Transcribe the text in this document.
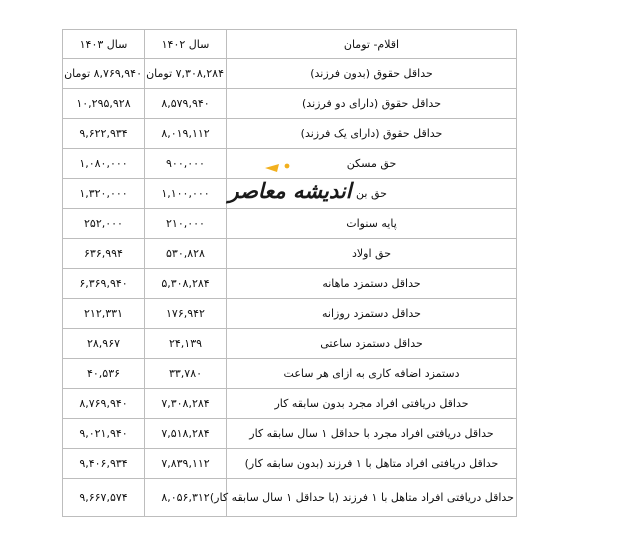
اقلام- تومان	سال ۱۴۰۲	سال ۱۴۰۳
حداقل حقوق (بدون فرزند)	۷,۳۰۸,۲۸۴ تومان	۸,۷۶۹,۹۴۰ تومان
حداقل حقوق (دارای دو فرزند)	۸,۵۷۹,۹۴۰	۱۰,۲۹۵,۹۲۸
حداقل حقوق (دارای یک فرزند)	۸,۰۱۹,۱۱۲	۹,۶۲۲,۹۳۴
حق مسکن	۹۰۰,۰۰۰	۱,۰۸۰,۰۰۰
حق بن	۱,۱۰۰,۰۰۰	۱,۳۲۰,۰۰۰
پایه سنوات	۲۱۰,۰۰۰	۲۵۲,۰۰۰
حق اولاد	۵۳۰,۸۲۸	۶۳۶,۹۹۴
حداقل دستمزد ماهانه	۵,۳۰۸,۲۸۴	۶,۳۶۹,۹۴۰
حداقل دستمزد روزانه	۱۷۶,۹۴۲	۲۱۲,۳۳۱
حداقل دستمزد ساعتی	۲۴,۱۳۹	۲۸,۹۶۷
دستمزد اضافه کاری به ازای هر ساعت	۳۳,۷۸۰	۴۰,۵۳۶
حداقل دریافتی افراد مجرد بدون سابقه کار	۷,۳۰۸,۲۸۴	۸,۷۶۹,۹۴۰
حداقل دریافتی افراد مجرد با حداقل ۱ سال سابقه کار	۷,۵۱۸,۲۸۴	۹,۰۲۱,۹۴۰
حداقل دریافتی افراد متاهل با ۱ فرزند (بدون سابقه کار)	۷,۸۳۹,۱۱۲	۹,۴۰۶,۹۳۴
حداقل دریافتی افراد متاهل با ۱ فرزند (با حداقل ۱ سال سابقه کار)	۸,۰۵۶,۳۱۲	۹,۶۶۷,۵۷۴
اندیشه معاصر
